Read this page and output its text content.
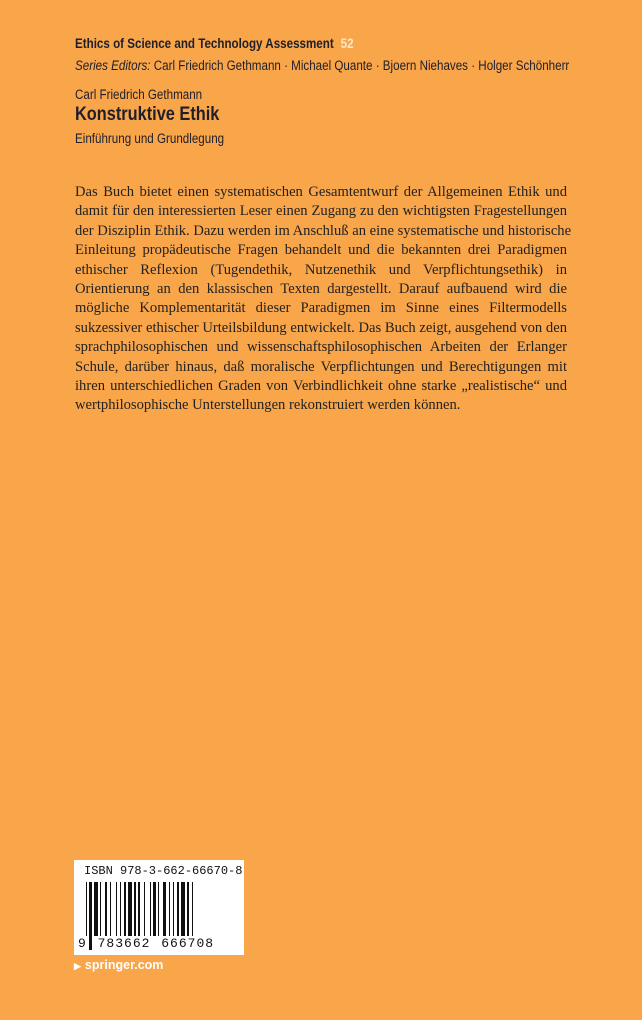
Ethics of Science and Technology Assessment 52
Series Editors: Carl Friedrich Gethmann · Michael Quante · Bjoern Niehaves · Holger Schönherr
Carl Friedrich Gethmann
Konstruktive Ethik
Einführung und Grundlegung
Das Buch bietet einen systematischen Gesamtentwurf der Allgemeinen Ethik und
damit für den interessierten Leser einen Zugang zu den wichtigsten Fragestellungen
der Disziplin Ethik. Dazu werden im Anschluß an eine systematische und historische
Einleitung propädeutische Fragen behandelt und die bekannten drei Paradigmen
ethischer Reflexion (Tugendethik, Nutzenethik und Verpflichtungsethik) in
Orientierung an den klassischen Texten dargestellt. Darauf aufbauend wird die
mögliche Komplementarität dieser Paradigmen im Sinne eines Filtermodells
sukzessiver ethischer Urteilsbildung entwickelt. Das Buch zeigt, ausgehend von den
sprachphilosophischen und wissenschaftsphilosophischen Arbeiten der Erlanger
Schule, darüber hinaus, daß moralische Verpflichtungen und Berechtigungen mit
ihren unterschiedlichen Graden von Verbindlichkeit ohne starke „realistische“ und
wertphilosophische Unterstellungen rekonstruiert werden können.
ISBN 978-3-662-66670-8
9 783662 666708
▶ springer.com
